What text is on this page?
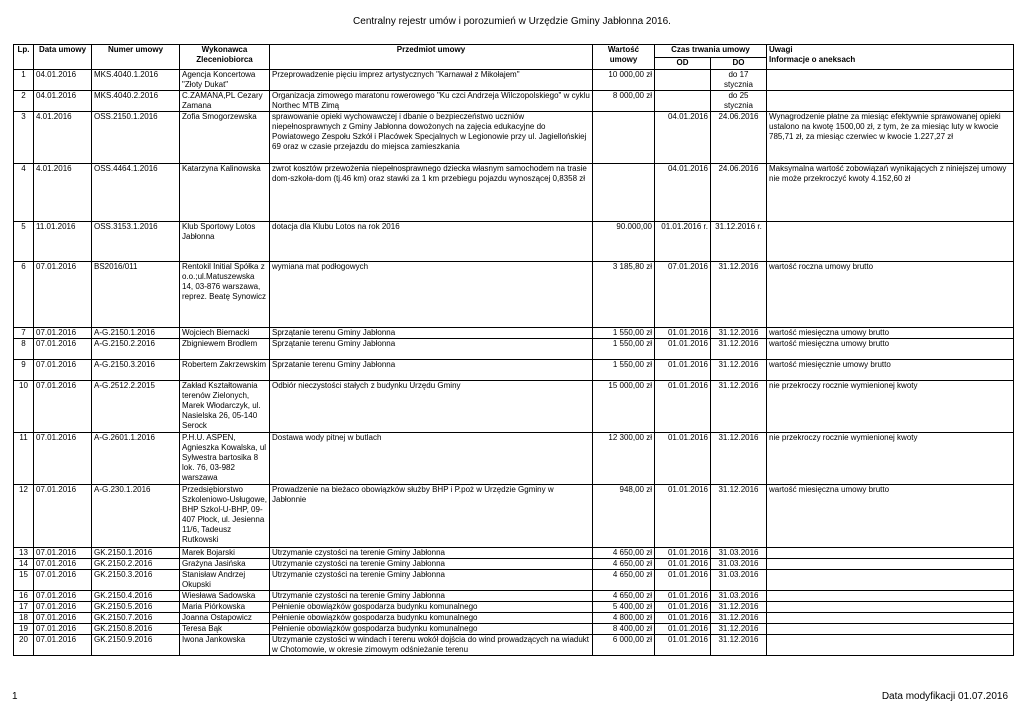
Centralny rejestr umów i porozumień w Urzędzie Gminy Jabłonna 2016.
Lp.	Data umowy	Numer umowy	Wykonawca
Zleceniobiorca	Przedmiot umowy	Wartość
umowy	Czas trwania umowy		Uwagi
Informacje o aneksach
						OD	DO	
1	04.01.2016	MKS.4040.1.2016	Agencja Koncertowa "Złoty Dukat"	Przeprowadzenie pięciu imprez artystycznych "Karnawał z Mikołajem"	10 000,00 zł		do 17 stycznia	
2	04.01.2016	MKS.4040.2.2016	C.ZAMANA,PL Cezary Zamana	Organizacja zimowego maratonu rowerowego "Ku czci Andrzeja Wilczopolskiego" w cyklu Northec MTB Zimą	8 000,00 zł		do 25 stycznia	
3	4.01.2016	OSS.2150.1.2016	Zofia Smogorzewska	sprawowanie opieki wychowawczej i dbanie o bezpieczeństwo uczniów niepełnosprawnych z Gminy Jabłonna dowożonych na zajęcia edukacyjne do Powiatowego Zespołu Szkół i Placówek Specjalnych w Legionowie przy ul. Jagiellońskiej 69 oraz w czasie przejazdu do miejsca zamieszkania		04.01.2016	24.06.2016	Wynagrodzenie płatne za miesiąc efektywnie sprawowanej opieki ustalono na kwotę 1500,00 zł, z tym, że za miesiąc luty w kwocie 785,71 zł, za miesiąc czerwiec w kwocie 1.227,27 zł
4	4.01.2016	OSS.4464.1.2016	Katarzyna Kalinowska	zwrot kosztów przewożenia niepełnosprawnego dziecka własnym samochodem na trasie dom-szkoła-dom (tj.46 km) oraz stawki za 1 km przebiegu pojazdu wynoszącej 0,8358 zł		04.01.2016	24.06.2016	Maksymalna wartość zobowiązań wynikających z niniejszej umowy nie może przekroczyć kwoty 4.152,60 zł
5	11.01.2016	OSS.3153.1.2016	Klub Sportowy Lotos Jabłonna	dotacja dla Klubu Lotos na rok 2016	90.000,00	01.01.2016 r.	31.12.2016 r.	
6	07.01.2016	BS2016/011	Rentokil Initial Spółka z o.o.;ul.Matuszewska 14, 03-876 warszawa, reprez. Beatę Synowicz	wymiana mat podłogowych	3 185,80 zł	07.01.2016	31.12.2016	wartość roczna umowy brutto
7	07.01.2016	A-G.2150.1.2016	Wojciech Biernacki	Sprzątanie terenu Gminy Jabłonna	1 550,00 zł	01.01.2016	31.12.2016	wartość miesięczna umowy brutto
8	07.01.2016	A-G.2150.2.2016	Zbigniewem Brodlem	Sprzątanie terenu Gminy Jabłonna	1 550,00 zł	01.01.2016	31.12.2016	wartość miesięczna umowy brutto
9	07.01.2016	A-G.2150.3.2016	Robertem Zakrzewskim	Sprzatanie terenu Gminy Jabłonna	1 550,00 zł	01.01.2016	31.12.2016	wartość miesięcznie umowy brutto
10	07.01.2016	A-G.2512.2.2015	Zakład Kształtowania terenów Zielonych, Marek Włodarczyk, ul. Nasielska 26, 05-140 Serock	Odbiór nieczystości stałych z budynku Urzędu Gminy	15 000,00 zł	01.01.2016	31.12.2016	nie przekroczy rocznie wymienionej kwoty
11	07.01.2016	A-G.2601.1.2016	P.H.U. ASPEN, Agnieszka Kowalska, ul Sylwestra bartosika 8 lok. 76, 03-982 warszawa	Dostawa wody pitnej w butlach	12 300,00 zł	01.01.2016	31.12.2016	nie przekroczy rocznie wymienionej kwoty
12	07.01.2016	A-G.230.1.2016	Przedsiębiorstwo Szkoleniowo-Usługowe, BHP Szkol-U-BHP, 09-407 Płock, ul. Jesienna 11/6, Tadeusz Rutkowski	Prowadzenie na bieżaco obowiązków służby BHP i P.poż w Urzędzie Ggminy w Jabłonnie	948,00 zł	01.01.2016	31.12.2016	wartość miesięczna umowy brutto
13	07.01.2016	GK.2150.1.2016	Marek Bojarski	Utrzymanie czystości na terenie Gminy Jabłonna	4 650,00 zł	01.01.2016	31.03.2016	
14	07.01.2016	GK.2150.2.2016	Grażyna Jasińska	Utrzymanie czystości na terenie Gminy Jabłonna	4 650,00 zł	01.01.2016	31.03.2016	
15	07.01.2016	GK.2150.3.2016	Stanisław Andrzej Okupski	Utrzymanie czystości na terenie Gminy Jabłonna	4 650,00 zł	01.01.2016	31.03.2016	
16	07.01.2016	GK.2150.4.2016	Wiesława Sadowska	Utrzymanie czystości na terenie Gminy Jabłonna	4 650,00 zł	01.01.2016	31.03.2016	
17	07.01.2016	GK.2150.5.2016	Maria Piórkowska	Pełnienie obowiązków gospodarza budynku komunalnego	5 400,00 zł	01.01.2016	31.12.2016	
18	07.01.2016	GK.2150.7.2016	Joanna Ostapowicz	Pełnienie obowiązków gospodarza budynku komunalnego	4 800,00 zł	01.01.2016	31.12.2016	
19	07.01.2016	GK.2150.8.2016	Teresa Bąk	Pełnienie obowiązków gospodarza budynku komunalnego	8 400,00 zł	01.01.2016	31.12.2016	
20	07.01.2016	GK.2150.9.2016	Iwona Jankowska	Utrzymanie czystości w windach i terenu wokół dojścia do wind prowadzących na wiadukt w Chotomowie, w okresie zimowym odśnieżanie terenu	6 000,00 zł	01.01.2016	31.12.2016	
1	Data modyfikacji 01.07.2016
